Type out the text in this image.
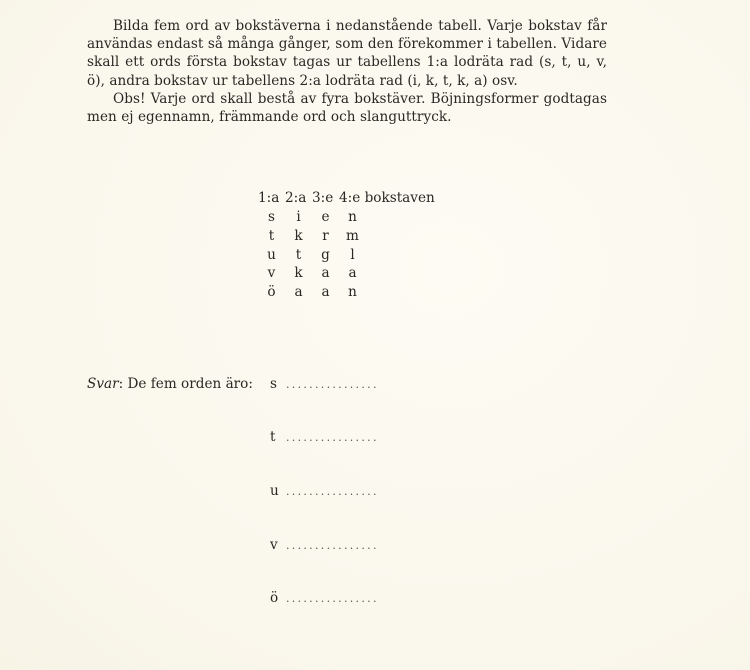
Bilda fem ord av bokstäverna i nedanstående tabell. Varje bokstav får användas endast så många gånger, som den förekommer i tabellen. Vidare skall ett ords första bokstav tagas ur tabellens 1:a lodräta rad (s, t, u, v, ö), andra bokstav ur tabellens 2:a lodräta rad (i, k, t, k, a) osv.

Obs! Varje ord skall bestå av fyra bokstäver. Böjningsformer godtagas men ej egennamn, främmande ord och slanguttryck.

1:a 2:a 3:e 4:e bokstaven
s	i	e	n
t	k	r	m
u	t	g	l
v	k	a	a
ö	a	a	n
Svar: De fem orden äro: s ................
t ................
u ................
v ................
ö ................
